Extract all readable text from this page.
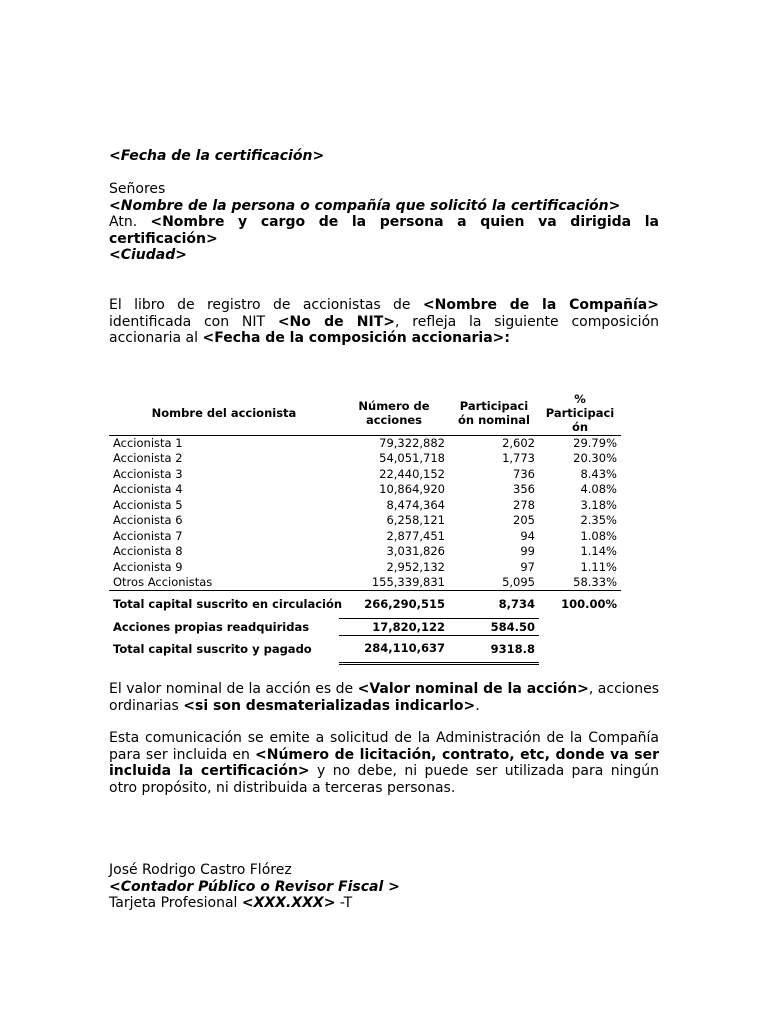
<Fecha de la certificación>

Señores

<Nombre de la persona o compañía que solicitó la certificación>

Atn. <Nombre y cargo de la persona a quien va dirigida la

certificación>

<Ciudad>

El libro de registro de accionistas de <Nombre de la Compañía> identificada con NIT <No de NIT>, refleja la siguiente composición accionaria al <Fecha de la composición accionaria>:

Nombre del accionista	Número de acciones	Participaci ón nominal	%
Participaci ón

Accionista 1	79,322,882	2,602	29.79%
Accionista 2	54,051,718	1,773	20.30%
Accionista 3	22,440,152	736	8.43%
Accionista 4	10,864,920	356	4.08%
Accionista 5	8,474,364	278	3.18%
Accionista 6	6,258,121	205	2.35%
Accionista 7	2,877,451	94	1.08%
Accionista 8	3,031,826	99	1.14%
Accionista 9	2,952,132	97	1.11%
Otros Accionistas	155,339,831	5,095	58.33%
Total capital suscrito en circulación	266,290,515	8,734	100.00%
Acciones propias readquiridas	17,820,122	584.50	
Total capital suscrito y pagado	284,110,637	9318.8	

El valor nominal de la acción es de <Valor nominal de la acción>, acciones ordinarias <si son desmaterializadas indicarlo>.

Esta comunicación se emite a solicitud de la Administración de la Compañía para ser incluida en <Número de licitación, contrato, etc, donde va ser incluida la certificación> y no debe, ni puede ser utilizada para ningún otro propósito, ni distribuida a terceras personas.

José Rodrigo Castro Flórez

<Contador Público o Revisor Fiscal >

Tarjeta Profesional <XXX.XXX> -T
